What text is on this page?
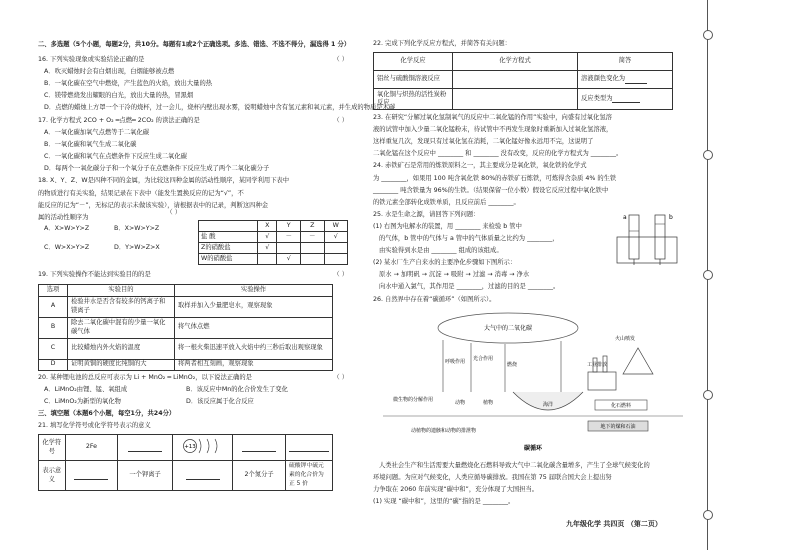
二、多选题（5个小题，每题2分，共10分。每题有1或2个正确选项。多选、错选、不选不得分，漏选得 1 分）
16. 下列实验现象或实验结论正确的是	（ ）
A．吹灭蜡烛时会有白烟出现，白烟能够被点燃
B．一氧化碳在空气中燃烧，产生蓝色的火焰，放出大量的热
C．镁带燃烧发出耀眼的白光，放出大量的热，冒黑烟
D．点燃的蜡烛上方罩一个干冷的烧杯，过一会儿，烧杯内壁出现水雾，说明蜡烛中含有氢元素和氧元素，并生成的物质是木碳
17. 化学方程式 2CO + O₂ ═点燃═ 2CO₂ 的读法正确的是	（ ）
A．一氧化碳加氧气点燃等于二氧化碳
B．一氧化碳和氧气生成二氧化碳
C．一氧化碳和氧气在点燃条件下反应生成二氧化碳
D．每两个一氧化碳分子和一个氧分子在点燃条件下反应生成了两个二氧化碳分子
18. X、Y、Z、W是四种不同的金属，为比较这四种金属的活动性顺序，某同学利用下表中
的物质进行有关实验，结果记录在下表中（能发生置换反应的记为“√”，不
能反应的记为“－”，无标记的表示未做该实验），请根据表中的记录，判断这四种金
属的活动性顺序为
（ ）
A．X>W>Y>Z	B．X>W>Y>Z
C．W>X>Y>Z	D．Y>W>Z>X
	X	Y	Z	W
盐 酸	√	－	－	√
Z的硝酸盐	√			
W的硝酸盐		√		
19. 下列实验操作不能达到实验目的的是	（ ）
选项	实验目的	实验操作
A	检验井水是否含有较多的钙离子和镁离子	取样并加入少量肥皂水，观察现象
B	除去二氧化碳中混有的少量一氧化碳气体	将气体点燃
C	比较蜡烛内外火焰的温度	将一根火柴迅速平放入火焰中约三秒后取出观察现象
D	证明黄铜的硬度比纯铜的大	将两者相互刻画，观察现象
20. 某种锂电池的总反应可表示为 Li + MnO₂ ═ LiMnO₂，以下说法正确的是	（ ）
A．LiMnO₂由锂、锰、氧组成	B．该反应中Mn的化合价发生了变化
C．LiMnO₂为新型的氧化物	D．该反应属于化合反应
三、填空题（本题6个小题，每空1分，共24分）
21. 填写化学符号或化学符号表示的意义
化学符号	2Fe		+13		

表示意义		一个钾离子		2个氮分子	硫酸钾中硫元素的化合价为正 5 价
22. 完成下列化学反应方程式，并简答有关问题：
化学反应	化学方程式	简答
铝丝与硫酸铜溶液反应		溶液颜色变化为
氧化铜与炽热的活性炭粉反应		反应类型为
23. 在研究“分解过氧化氢制氧气的反应中二氧化锰的作用”实验中，向盛有过氧化氢溶
液的试管中加入少量二氧化锰粉末，待试管中不再发生现象时重新加入过氧化氢溶液，
这样重复几次，发现只有过氧化氢在消耗，二氧化锰好像永远用不完，这说明了
二氧化锰在这个反应中 ________ 和 ________ 没有改变，反应的化学方程式为 ________。
24. 赤铁矿石是常用的炼铁原料之一，其主要成分是氧化铁，氧化铁的化学式
为 ________，如果用 100 吨含氧化铁 80%的赤铁矿石炼铁，可炼得含杂质 4% 的生铁
________ 吨含铁量为 96%的生铁。（结果保留一位小数）假设它反应过程中氧化铁中
的铁元素全部转化成铁单质，且反应前后 ________。
25. 水是生命之源，请回答下列问题：
(1) 右图为电解水的装置，用 ________ 来检验 b 管中
的气体，b 管中的气体与 a 管中的气体质量之比约为 ________，
由实验得到水是由 ________ 组成的该组成。
(2) 某水厂生产自来水的主要净化步骤如下图所示：
原水 → 加明矾 → 沉淀 → 吸附 → 过滤 → 消毒 → 净水
向水中通入氯气，其作用是 ________，过滤的目的是 ________。
a	b
26. 自然界中存在着“碳循环”（如图所示）。
大气中的二氧化碳
呼吸作用 光合作用
燃烧	工业排放
火山喷发
微生物的分解作用	动物	植物	海洋	化石燃料
动植物的遗骸和动物的排泄物
地下的煤和石油
碳循环
人类社会生产和生活需要大量燃烧化石燃料导致大气中二氧化碳含量增多，产生了全球气候变化的
环境问题。为应对气候变化，人类应循导碳排放。我国在第 75 届联合国大会上提出努
力争取在 2060 年前实现“碳中和”，充分体现了大国担当。
(1) 实现 “碳中和”，这里的“碳”指的是 ________。
九年级化学 共四页 （第二页）
